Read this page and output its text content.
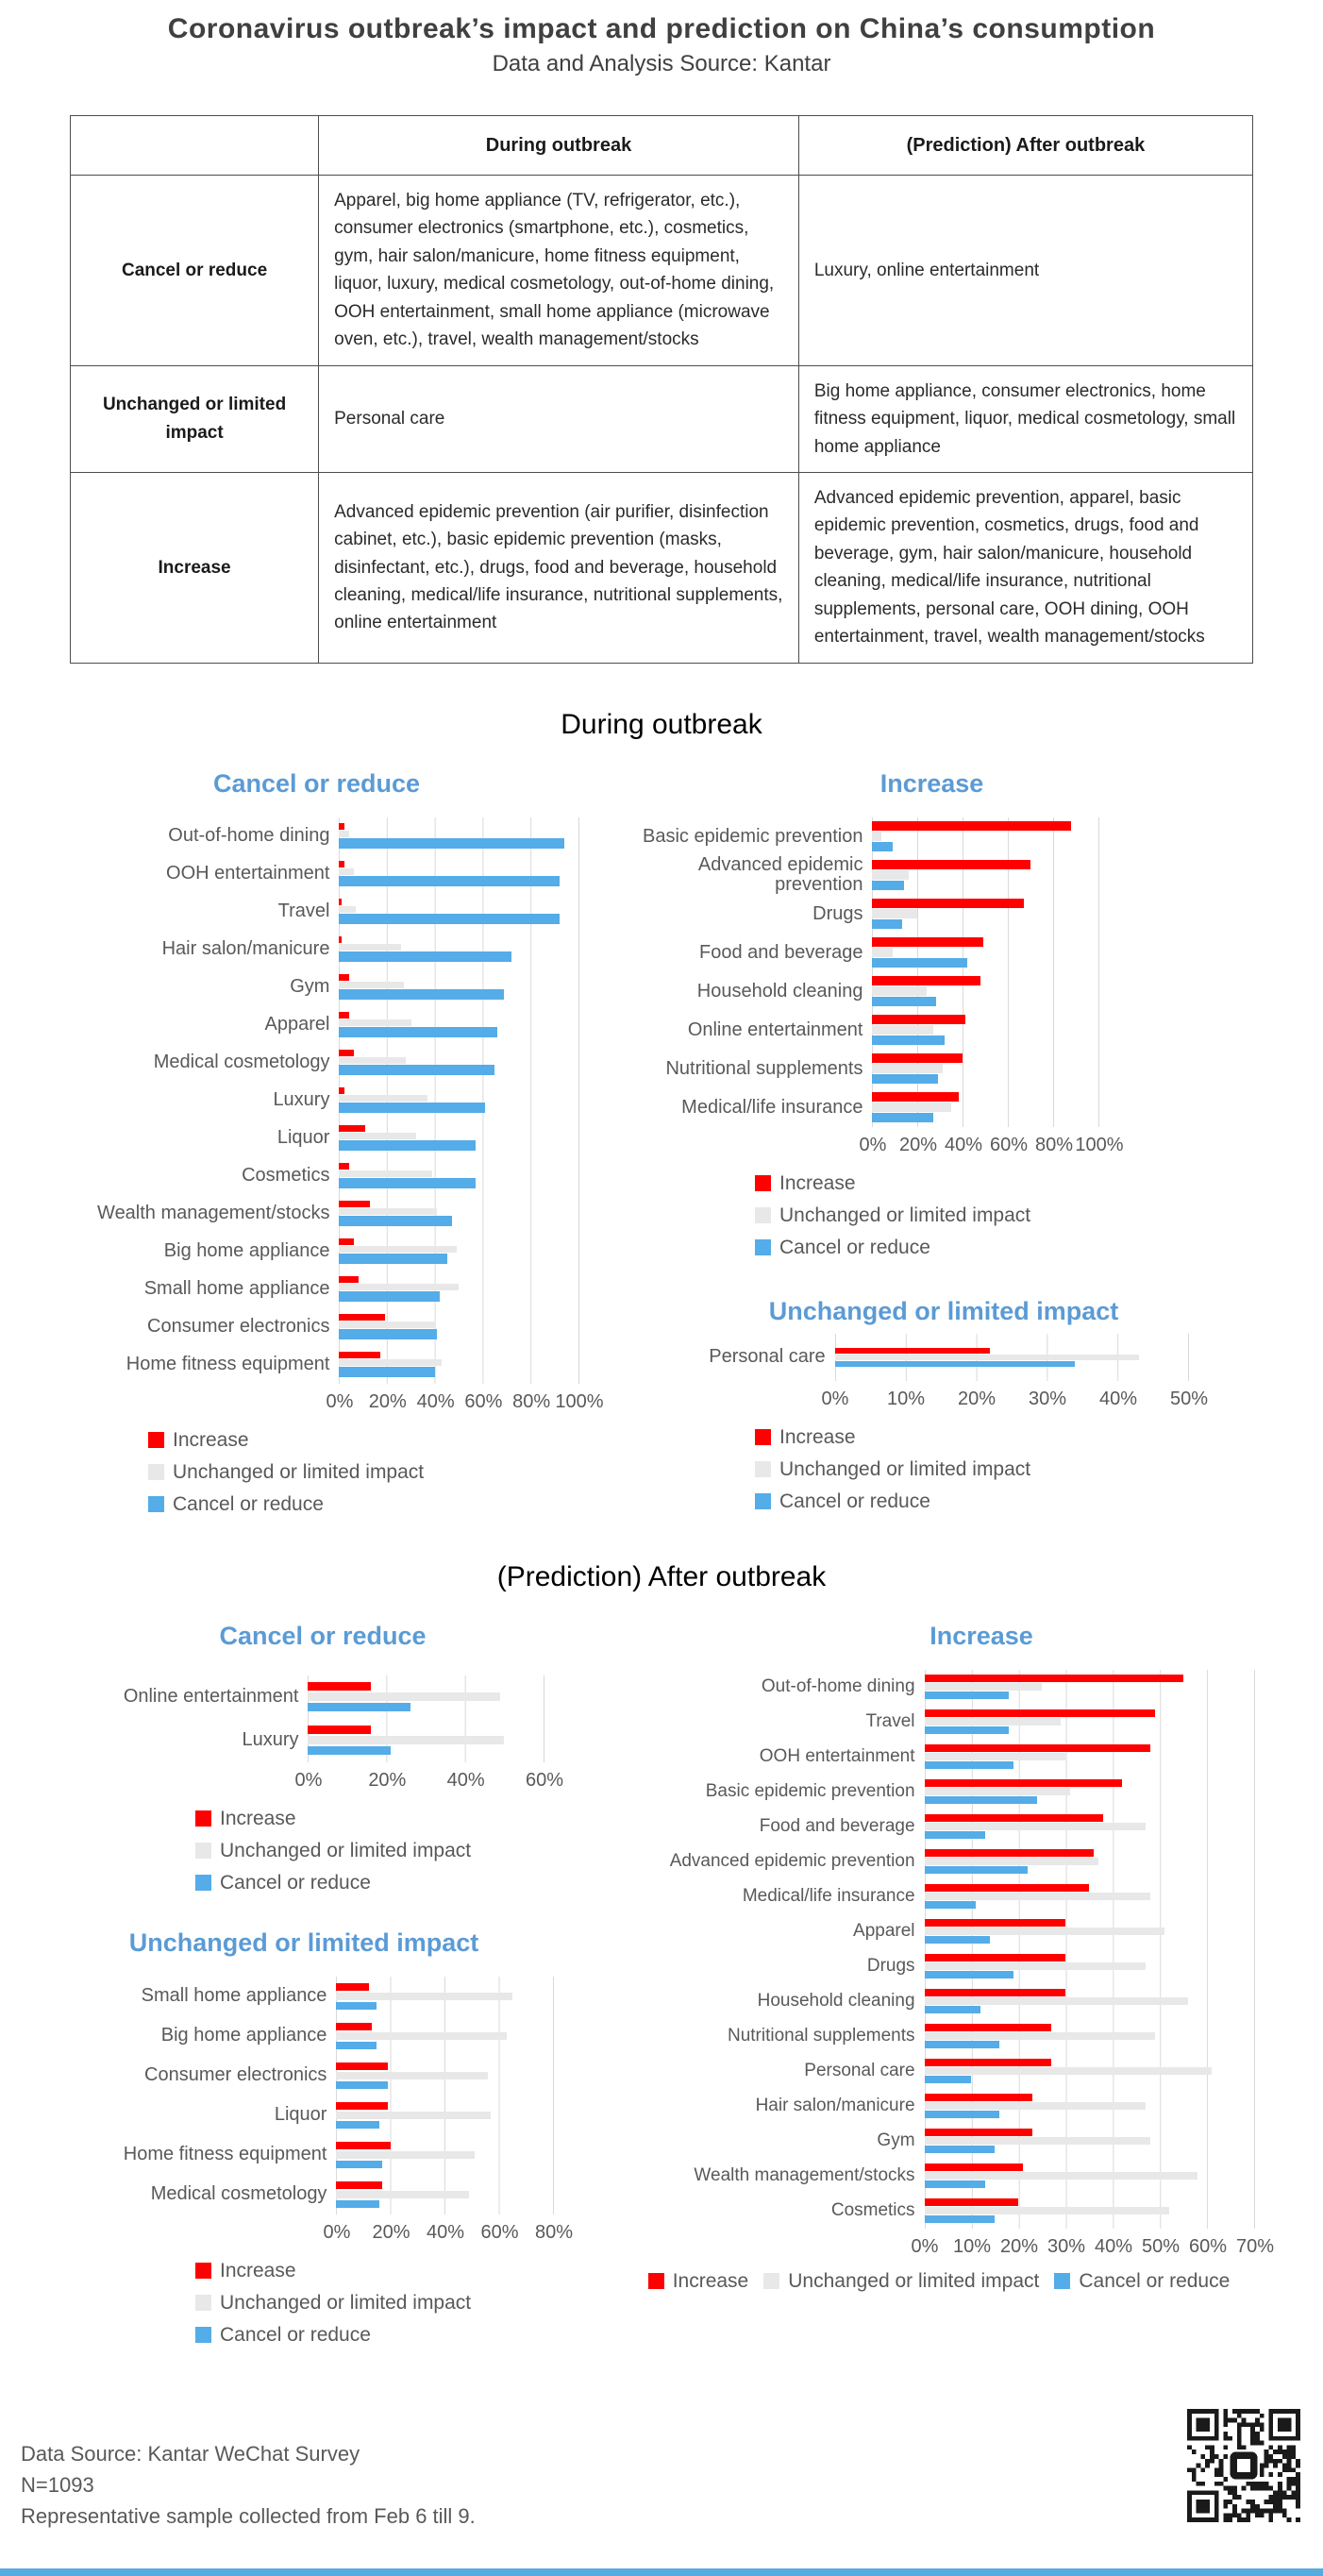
Coronavirus outbreak’s impact and prediction on China’s consumption
Data and Analysis Source: Kantar
	During outbreak	(Prediction) After outbreak
Cancel or reduce	Apparel, big home appliance (TV, refrigerator, etc.), consumer electronics (smartphone, etc.), cosmetics, gym, hair salon/manicure, home fitness equipment, liquor, luxury, medical cosmetology, out-of-home dining, OOH entertainment, small home appliance (microwave oven, etc.), travel, wealth management/stocks	Luxury, online entertainment
Unchanged or limited impact	Personal care	Big home appliance, consumer electronics, home fitness equipment, liquor, medical cosmetology, small home appliance
Increase	Advanced epidemic prevention (air purifier, disinfection cabinet, etc.), basic epidemic prevention (masks, disinfectant, etc.), drugs, food and beverage, household cleaning, medical/life insurance, nutritional supplements, online entertainment	Advanced epidemic prevention, apparel, basic epidemic prevention, cosmetics, drugs, food and beverage, gym, hair salon/manicure, household cleaning, medical/life insurance, nutritional supplements, personal care, OOH dining, OOH entertainment, travel, wealth management/stocks
During outbreak
Cancel or reduce
Out-of-home dining
OOH entertainment
Travel
Hair salon/manicure
Gym
Apparel
Medical cosmetology
Luxury
Liquor
Cosmetics
Wealth management/stocks
Big home appliance
Small home appliance
Consumer electronics
Home fitness equipment
0% 20% 40% 60% 80% 100%
Increase
Unchanged or limited impact
Cancel or reduce
Increase
Basic epidemic prevention
Advanced epidemic prevention
Drugs
Food and beverage
Household cleaning
Online entertainment
Nutritional supplements
Medical/life insurance
0% 20% 40% 60% 80% 100%
Increase
Unchanged or limited impact
Cancel or reduce
Unchanged or limited impact
Personal care
0% 10% 20% 30% 40% 50%
Increase
Unchanged or limited impact
Cancel or reduce
(Prediction) After outbreak
Cancel or reduce
Online entertainment
Luxury
0% 20% 40% 60%
Increase
Unchanged or limited impact
Cancel or reduce
Unchanged or limited impact
Small home appliance
Big home appliance
Consumer electronics
Liquor
Home fitness equipment
Medical cosmetology
0% 20% 40% 60% 80%
Increase
Unchanged or limited impact
Cancel or reduce
Increase
Out-of-home dining
Travel
OOH entertainment
Basic epidemic prevention
Food and beverage
Advanced epidemic prevention
Medical/life insurance
Apparel
Drugs
Household cleaning
Nutritional supplements
Personal care
Hair salon/manicure
Gym
Wealth management/stocks
Cosmetics
0% 10% 20% 30% 40% 50% 60% 70%
Increase Unchanged or limited impact Cancel or reduce
Data Source: Kantar WeChat Survey
N=1093
Representative sample collected from Feb 6 till 9.
